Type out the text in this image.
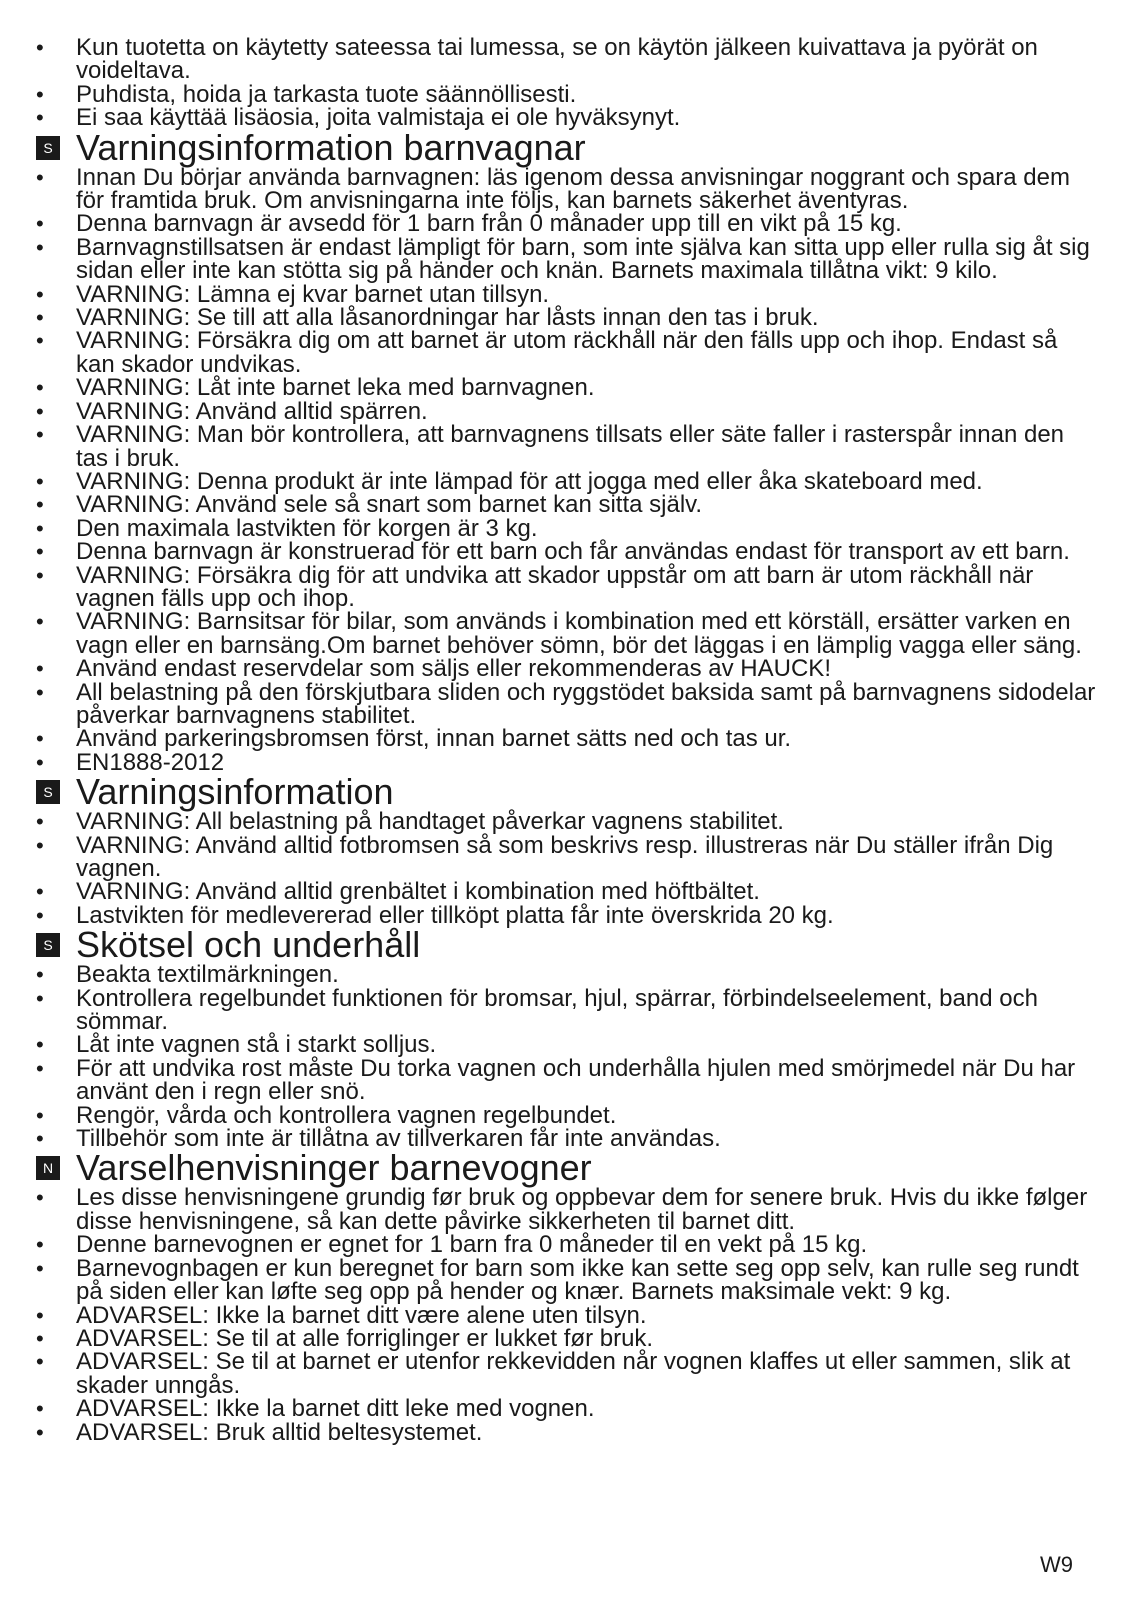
• Kun tuotetta on käytetty sateessa tai lumessa, se on käytön jälkeen kuivattava ja pyörät on voideltava.
• Puhdista, hoida ja tarkasta tuote säännöllisesti.
• Ei saa käyttää lisäosia, joita valmistaja ei ole hyväksynyt.
S Varningsinformation barnvagnar
• Innan Du börjar använda barnvagnen: läs igenom dessa anvisningar noggrant och spara dem för framtida bruk. Om anvisningarna inte följs, kan barnets säkerhet äventyras.
• Denna barnvagn är avsedd för 1 barn från 0 månader upp till en vikt på 15 kg.
• Barnvagnstillsatsen är endast lämpligt för barn, som inte själva kan sitta upp eller rulla sig åt sig sidan eller inte kan stötta sig på händer och knän. Barnets maximala tillåtna vikt: 9 kilo.
• VARNING: Lämna ej kvar barnet utan tillsyn.
• VARNING: Se till att alla låsanordningar har låsts innan den tas i bruk.
• VARNING: Försäkra dig om att barnet är utom räckhåll när den fälls upp och ihop. Endast så kan skador undvikas.
• VARNING: Låt inte barnet leka med barnvagnen.
• VARNING: Använd alltid spärren.
• VARNING: Man bör kontrollera, att barnvagnens tillsats eller säte faller i rasterspår innan den tas i bruk.
• VARNING: Denna produkt är inte lämpad för att jogga med eller åka skateboard med.
• VARNING: Använd sele så snart som barnet kan sitta själv.
• Den maximala lastvikten för korgen är 3 kg.
• Denna barnvagn är konstruerad för ett barn och får användas endast för transport av ett barn.
• VARNING: Försäkra dig för att undvika att skador uppstår om att barn är utom räckhåll när vagnen fälls upp och ihop.
• VARNING: Barnsitsar för bilar, som används i kombination med ett körställ, ersätter varken en vagn eller en barnsäng.Om barnet behöver sömn, bör det läggas i en lämplig vagga eller säng.
• Använd endast reservdelar som säljs eller rekommenderas av HAUCK!
• All belastning på den förskjutbara sliden och ryggstödet baksida samt på barnvagnens sidodelar påverkar barnvagnens stabilitet.
• Använd parkeringsbromsen först, innan barnet sätts ned och tas ur.
• EN1888-2012
S Varningsinformation
• VARNING: All belastning på handtaget påverkar vagnens stabilitet.
• VARNING: Använd alltid fotbromsen så som beskrivs resp. illustreras när Du ställer ifrån Dig vagnen.
• VARNING: Använd alltid grenbältet i kombination med höftbältet.
• Lastvikten för medlevererad eller tillköpt platta får inte överskrida 20 kg.
S Skötsel och underhåll
• Beakta textilmärkningen.
• Kontrollera regelbundet funktionen för bromsar, hjul, spärrar, förbindelseelement, band och sömmar.
• Låt inte vagnen stå i starkt solljus.
• För att undvika rost måste Du torka vagnen och underhålla hjulen med smörjmedel när Du har använt den i regn eller snö.
• Rengör, vårda och kontrollera vagnen regelbundet.
• Tillbehör som inte är tillåtna av tillverkaren får inte användas.
N Varselhenvisninger barnevogner
• Les disse henvisningene grundig før bruk og oppbevar dem for senere bruk. Hvis du ikke følger disse henvisningene, så kan dette påvirke sikkerheten til barnet ditt.
• Denne barnevognen er egnet for 1 barn fra 0 måneder til en vekt på 15 kg.
• Barnevognbagen er kun beregnet for barn som ikke kan sette seg opp selv, kan rulle seg rundt på siden eller kan løfte seg opp på hender og knær. Barnets maksimale vekt: 9 kg.
• ADVARSEL: Ikke la barnet ditt være alene uten tilsyn.
• ADVARSEL: Se til at alle forriglinger er lukket før bruk.
• ADVARSEL: Se til at barnet er utenfor rekkevidden når vognen klaffes ut eller sammen, slik at skader unngås.
• ADVARSEL: Ikke la barnet ditt leke med vognen.
• ADVARSEL: Bruk alltid beltesystemet.
W9
